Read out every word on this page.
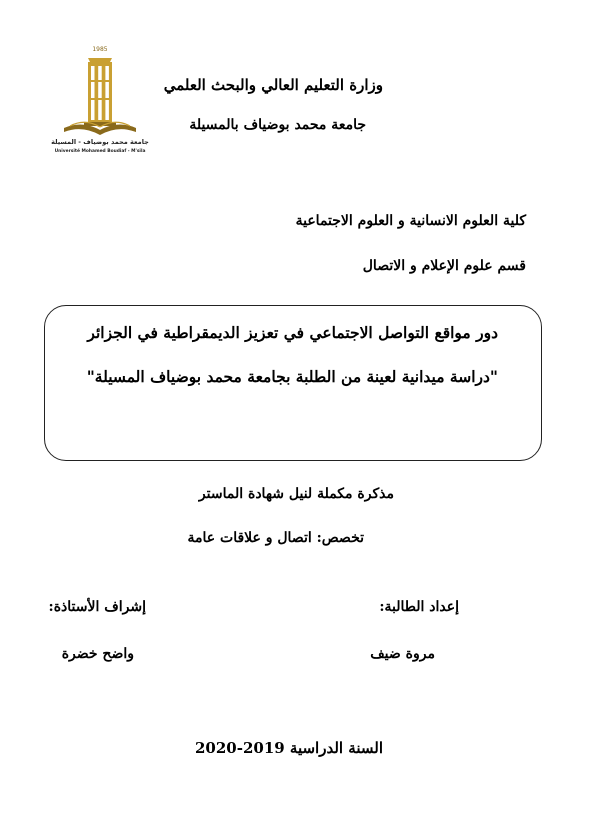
1985
جامعة محمد بوضياف - المسيلة
Université Mohamed Boudiaf - M'sila
وزارة التعليم العالي والبحث العلمي
جامعة محمد بوضياف بالمسيلة
كلية العلوم الانسانية و العلوم الاجتماعية
قسم علوم الإعلام و الاتصال
دور مواقع التواصل الاجتماعي في تعزيز الديمقراطية في الجزائر
"دراسة ميدانية لعينة من الطلبة بجامعة محمد بوضياف المسيلة"
مذكرة مكملة لنيل شهادة الماستر
تخصص: اتصال و علاقات عامة
إعداد الطالبة:
إشراف الأستاذة:
مروة ضيف
واضح خضرة
السنة الدراسية 2019-2020
